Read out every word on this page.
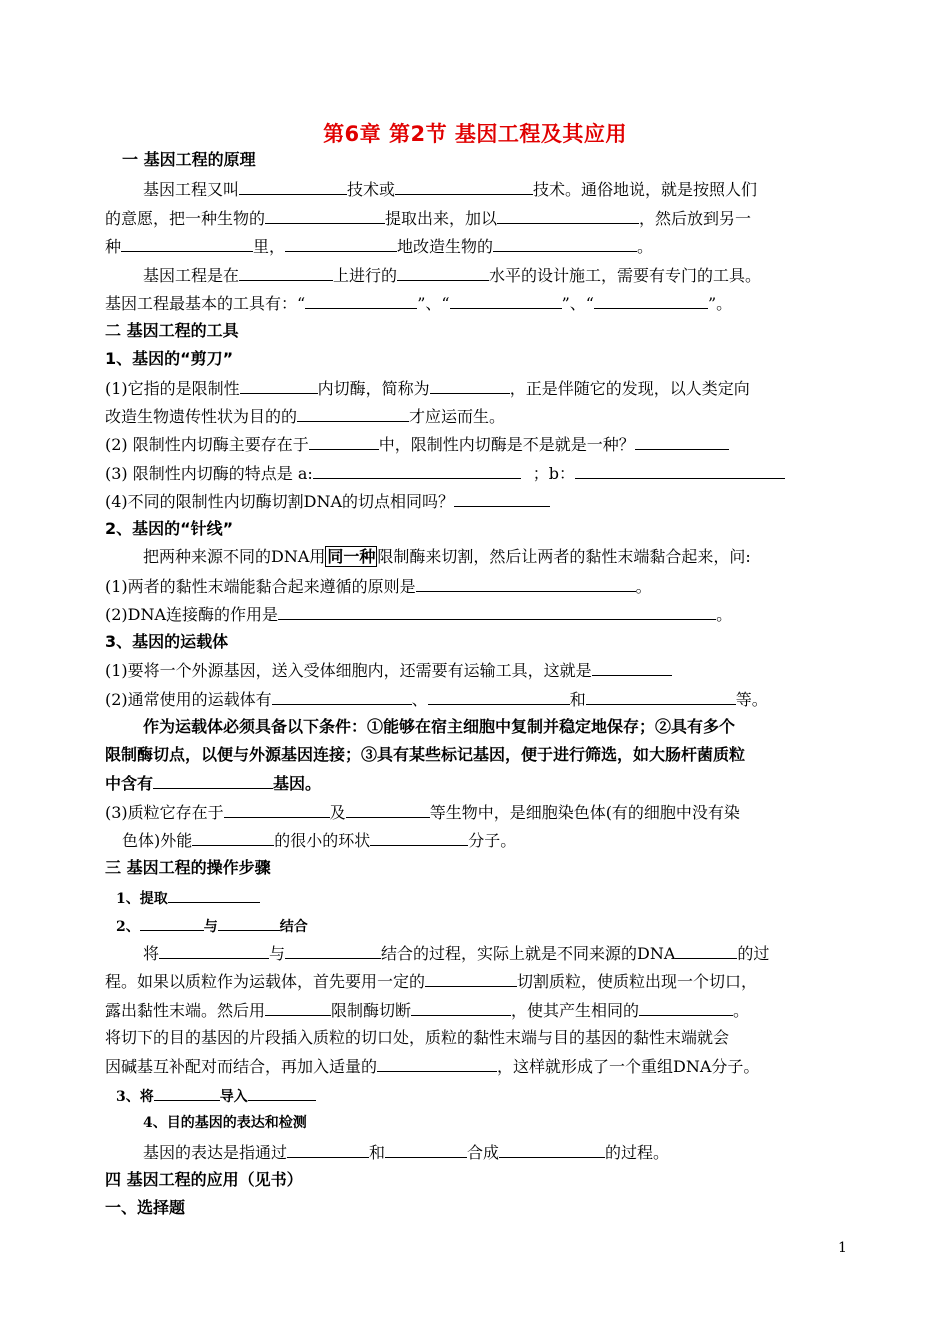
第6章 第2节 基因工程及其应用
一 基因工程的原理
基因工程又叫	技术或	技术。通俗地说，就是按照人们
的意愿，把一种生物的	提取出来，加以	，然后放到另一
种	里，	地改造生物的	。
基因工程是在	上进行的	水平的设计施工，需要有专门的工具。
基因工程最基本的工具有：“	”、“	”、“	”。
二 基因工程的工具
1、基因的“剪刀”
(1)它指的是限制性	内切酶，简称为	，正是伴随它的发现，以人类定向
改造生物遗传性状为目的的	才应运而生。
(2) 限制性内切酶主要存在于	中，限制性内切酶是不是就是一种？
(3) 限制性内切酶的特点是 a:	；b：
(4)不同的限制性内切酶切割DNA的切点相同吗？
2、基因的“针线”
把两种来源不同的DNA用 同一种 限制酶来切割，然后让两者的黏性末端黏合起来，问:
(1)两者的黏性末端能黏合起来遵循的原则是	。
(2)DNA连接酶的作用是	。
3、基因的运载体
(1)要将一个外源基因，送入受体细胞内，还需要有运输工具，这就是
(2)通常使用的运载体有	、	和	等。
作为运载体必须具备以下条件：①能够在宿主细胞中复制并稳定地保存；②具有多个
限制酶切点，以便与外源基因连接；③具有某些标记基因，便于进行筛选，如大肠杆菌质粒
中含有	基因。
(3)质粒它存在于	及	等生物中，是细胞染色体(有的细胞中没有染
色体)外能	的很小的环状	分子。
三 基因工程的操作步骤
1、提取
2、	与	结合
将	与	结合的过程，实际上就是不同来源的DNA	的过
程。如果以质粒作为运载体，首先要用一定的	切割质粒，使质粒出现一个切口，
露出黏性末端。然后用	限制酶切断	，使其产生相同的	。
将切下的目的基因的片段插入质粒的切口处，质粒的黏性末端与目的基因的黏性末端就会
因碱基互补配对而结合，再加入适量的	，这样就形成了一个重组DNA分子。
3、将	导入
4、目的基因的表达和检测
基因的表达是指通过	和	合成	的过程。
四 基因工程的应用（见书）
一、选择题
1
